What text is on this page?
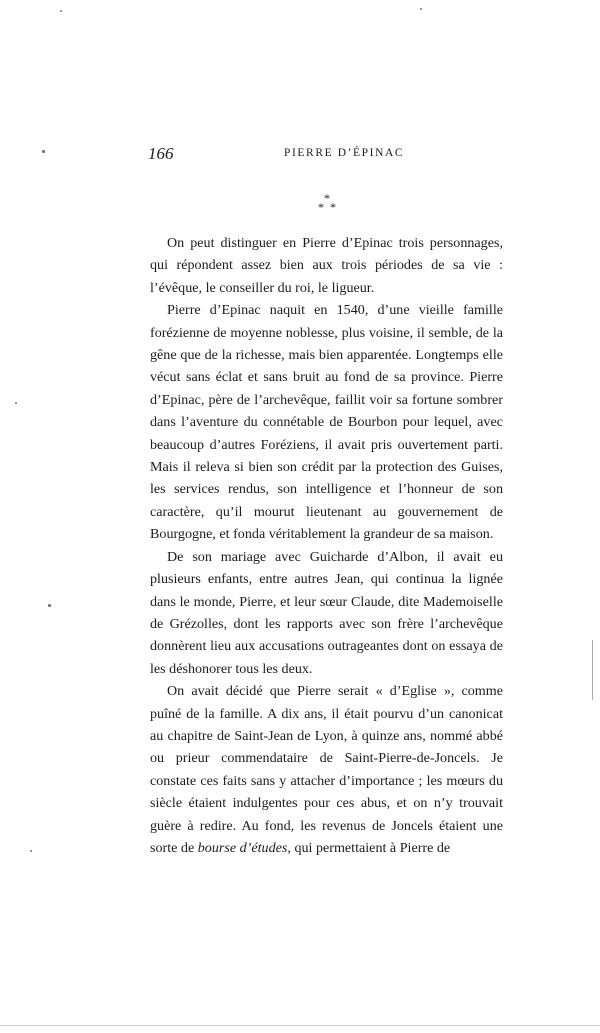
166	PIERRE D’ÉPINAC
*
* *

On peut distinguer en Pierre d’Epinac trois personnages, qui répondent assez bien aux trois périodes de sa vie : l’évêque, le conseiller du roi, le ligueur.

Pierre d’Epinac naquit en 1540, d’une vieille famille forézienne de moyenne noblesse, plus voisine, il semble, de la gêne que de la richesse, mais bien apparentée. Longtemps elle vécut sans éclat et sans bruit au fond de sa province. Pierre d’Epinac, père de l’archevêque, faillit voir sa fortune sombrer dans l’aventure du connétable de Bourbon pour lequel, avec beaucoup d’autres Foréziens, il avait pris ouvertement parti. Mais il releva si bien son crédit par la protection des Guises, les services rendus, son intelligence et l’honneur de son caractère, qu’il mourut lieutenant au gouvernement de Bourgogne, et fonda véritablement la grandeur de sa maison.

De son mariage avec Guicharde d’Albon, il avait eu plusieurs enfants, entre autres Jean, qui continua la lignée dans le monde, Pierre, et leur sœur Claude, dite Mademoiselle de Grézolles, dont les rapports avec son frère l’archevêque donnèrent lieu aux accusations outrageantes dont on essaya de les déshonorer tous les deux.

On avait décidé que Pierre serait « d’Eglise », comme puîné de la famille. A dix ans, il était pourvu d’un canonicat au chapitre de Saint-Jean de Lyon, à quinze ans, nommé abbé ou prieur commendataire de Saint-Pierre-de-Joncels. Je constate ces faits sans y attacher d’importance ; les mœurs du siècle étaient indulgentes pour ces abus, et on n’y trouvait guère à redire. Au fond, les revenus de Joncels étaient une sorte de bourse d’études, qui permettaient à Pierre de
